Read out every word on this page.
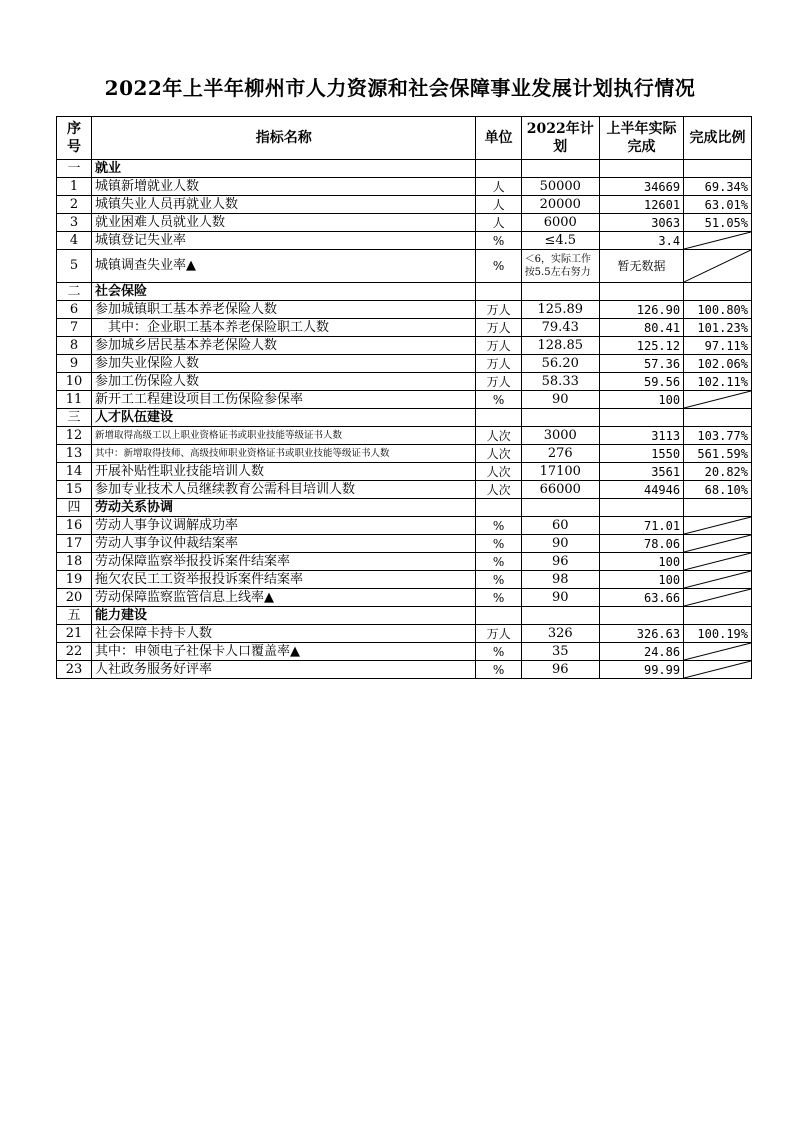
2022年上半年柳州市人力资源和社会保障事业发展计划执行情况
序号	指标名称	单位	2022年计划	上半年实际完成	完成比例
一	就业				
1	城镇新增就业人数	人	50000	34669	69.34%
2	城镇失业人员再就业人数	人	20000	12601	63.01%
3	就业困难人员就业人数	人	6000	3063	51.05%
4	城镇登记失业率	%	≤4.5	3.4	

5	城镇调查失业率▲	%	＜6，实际工作按5.5左右努力	暂无数据	

二	社会保险				
6	参加城镇职工基本养老保险人数	万人	125.89	126.90	100.80%
7	其中：企业职工基本养老保险职工人数	万人	79.43	80.41	101.23%
8	参加城乡居民基本养老保险人数	万人	128.85	125.12	97.11%
9	参加失业保险人数	万人	56.20	57.36	102.06%
10	参加工伤保险人数	万人	58.33	59.56	102.11%
11	新开工工程建设项目工伤保险参保率	%	90	100	

三	人才队伍建设				
12	新增取得高级工以上职业资格证书或职业技能等级证书人数	人次	3000	3113	103.77%
13	其中：新增取得技师、高级技师职业资格证书或职业技能等级证书人数	人次	276	1550	561.59%
14	开展补贴性职业技能培训人数	人次	17100	3561	20.82%
15	参加专业技术人员继续教育公需科目培训人数	人次	66000	44946	68.10%
四	劳动关系协调				
16	劳动人事争议调解成功率	%	60	71.01	

17	劳动人事争议仲裁结案率	%	90	78.06	

18	劳动保障监察举报投诉案件结案率	%	96	100	

19	拖欠农民工工资举报投诉案件结案率	%	98	100	

20	劳动保障监察监管信息上线率▲	%	90	63.66	

五	能力建设				
21	社会保障卡持卡人数	万人	326	326.63	100.19%
22	其中：申领电子社保卡人口覆盖率▲	%	35	24.86	

23	人社政务服务好评率	%	96	99.99	
